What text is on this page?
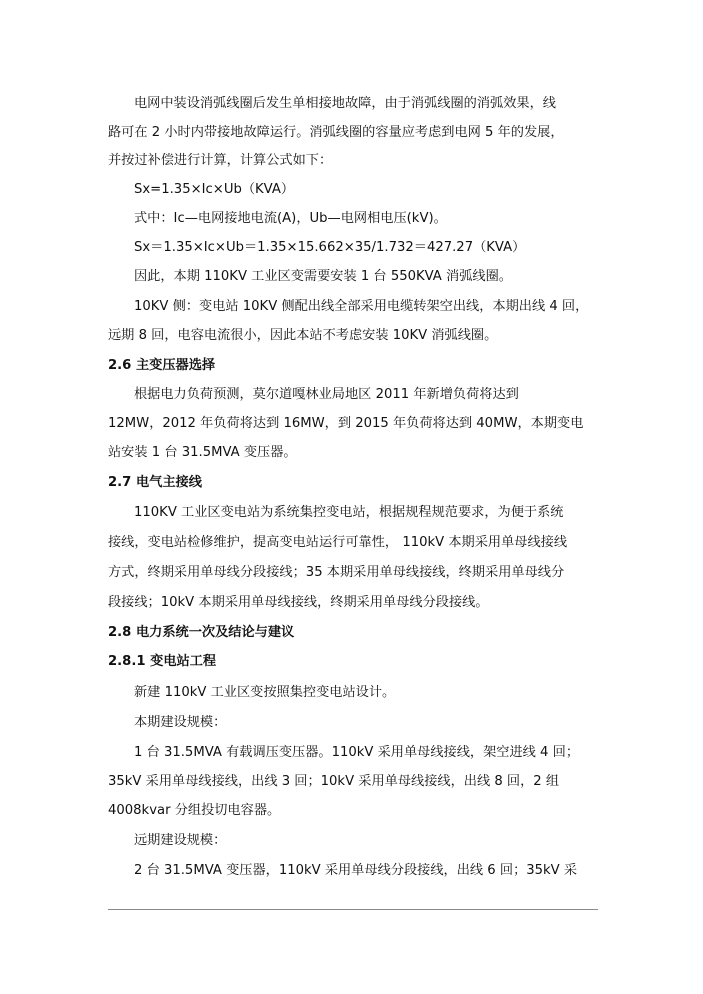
电网中装设消弧线圈后发生单相接地故障，由于消弧线圈的消弧效果，线
路可在 2 小时内带接地故障运行。消弧线圈的容量应考虑到电网 5 年的发展，
并按过补偿进行计算，计算公式如下：
Sx=1.35×Ic×Ub（KVA）
式中：Ic—电网接地电流(A)，Ub—电网相电压(kV)。
Sx＝1.35×Ic×Ub＝1.35×15.662×35/1.732＝427.27（KVA）
因此，本期 110KV 工业区变需要安装 1 台 550KVA 消弧线圈。
10KV 侧：变电站 10KV 侧配出线全部采用电缆转架空出线，本期出线 4 回，
远期 8 回，电容电流很小，因此本站不考虑安装 10KV 消弧线圈。
2.6 主变压器选择
根据电力负荷预测，莫尔道嘎林业局地区 2011 年新增负荷将达到
12MW，2012 年负荷将达到 16MW，到 2015 年负荷将达到 40MW，本期变电
站安装 1 台 31.5MVA 变压器。
2.7 电气主接线
110KV 工业区变电站为系统集控变电站，根据规程规范要求，为便于系统
接线，变电站检修维护，提高变电站运行可靠性， 110kV 本期采用单母线接线
方式，终期采用单母线分段接线；35 本期采用单母线接线，终期采用单母线分
段接线；10kV 本期采用单母线接线，终期采用单母线分段接线。
2.8 电力系统一次及结论与建议
2.8.1 变电站工程
新建 110kV 工业区变按照集控变电站设计。
本期建设规模：
1 台 31.5MVA 有载调压变压器。110kV 采用单母线接线，架空进线 4 回；
35kV 采用单母线接线，出线 3 回；10kV 采用单母线接线，出线 8 回，2 组
4008kvar 分组投切电容器。
远期建设规模：
2 台 31.5MVA 变压器，110kV 采用单母线分段接线，出线 6 回；35kV 采
